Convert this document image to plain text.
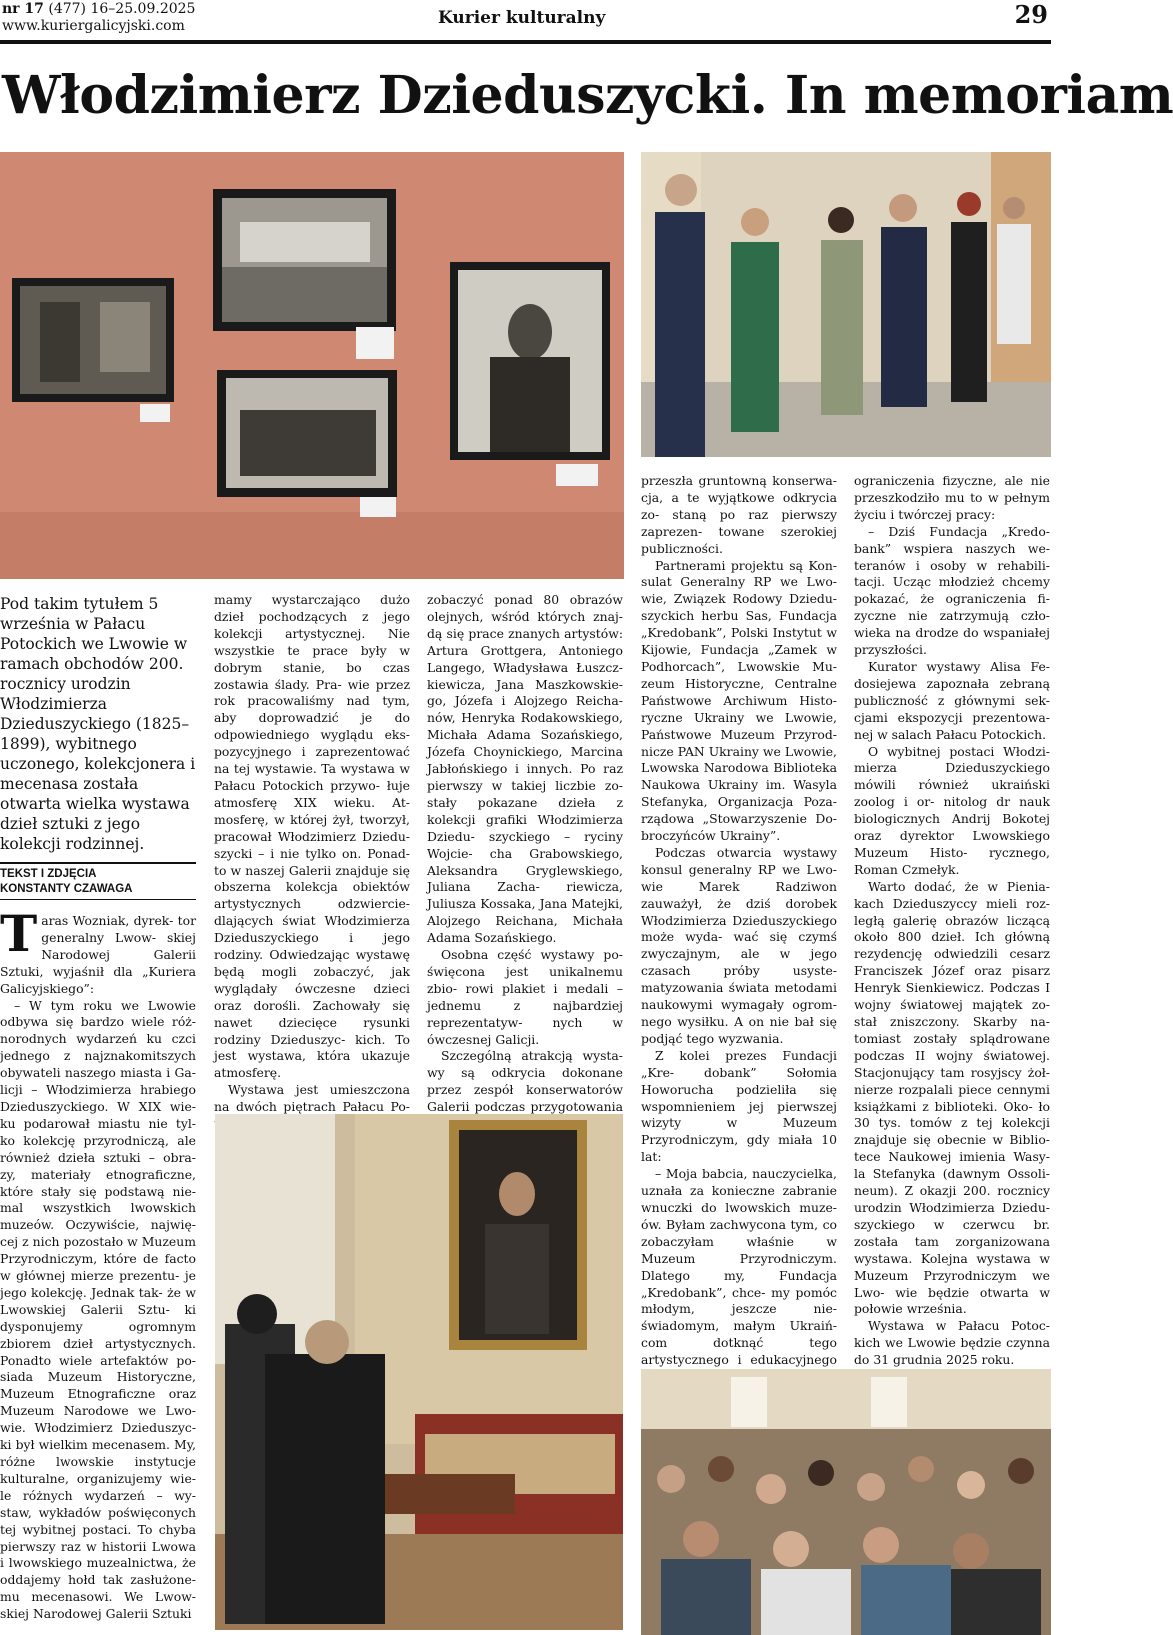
nr 17 (477) 16–25.09.2025
www.kuriergalicyjski.com	Kurier kulturalny	29
Włodzimierz Dzieduszycki. In memoriam
Pod takim tytułem 5 września w Pałacu Potockich we Lwowie w ramach obchodów 200. rocznicy urodzin Włodzimierza Dzieduszyckiego (1825–1899), wybitnego uczonego, kolekcjonera i mecenasa została otwarta wielka wystawa dzieł sztuki z jego kolekcji rodzinnej.
TEKST I ZDJĘCIA
KONSTANTY CZAWAGA

Taras Wozniak, dyrek- tor generalny Lwow- skiej Narodowej Galerii Sztuki, wyjaśnił dla „Kuriera Galicyjskiego”:

– W tym roku we Lwowie odbywa się bardzo wiele róż- norodnych wydarzeń ku czci jednego z najznakomitszych obywateli naszego miasta i Ga- licji – Włodzimierza hrabiego Dzieduszyckiego. W XIX wie- ku podarował miastu nie tyl- ko kolekcję przyrodniczą, ale również dzieła sztuki – obra- zy, materiały etnograficzne, które stały się podstawą nie- mal wszystkich lwowskich muzeów. Oczywiście, najwię- cej z nich pozostało w Muzeum Przyrodniczym, które de facto w głównej mierze prezentu- je jego kolekcję. Jednak tak- że w Lwowskiej Galerii Sztu- ki dysponujemy ogromnym zbiorem dzieł artystycznych. Ponadto wiele artefaktów po- siada Muzeum Historyczne, Muzeum Etnograficzne oraz Muzeum Narodowe we Lwo- wie. Włodzimierz Dzieduszyc- ki był wielkim mecenasem. My, różne lwowskie instytucje kulturalne, organizujemy wie- le różnych wydarzeń – wy- staw, wykładów poświęconych tej wybitnej postaci. To chyba pierwszy raz w historii Lwowa i lwowskiego muzealnictwa, że oddajemy hołd tak zasłużone- mu mecenasowi. We Lwow- skiej Narodowej Galerii Sztuki

mamy wystarczająco dużo dzieł pochodzących z jego kolekcji artystycznej. Nie wszystkie te prace były w dobrym stanie, bo czas zostawia ślady. Pra- wie przez rok pracowaliśmy nad tym, aby doprowadzić je do odpowiedniego wyglądu eks- pozycyjnego i zaprezentować na tej wystawie. Ta wystawa w Pałacu Potockich przywo- łuje atmosferę XIX wieku. At- mosferę, w której żył, tworzył, pracował Włodzimierz Dziedu- szycki – i nie tylko on. Ponad- to w naszej Galerii znajduje się obszerna kolekcja obiektów artystycznych odzwiercie- dlających świat Włodzimierza Dzieduszyckiego i jego rodziny. Odwiedzając wystawę będą mogli zobaczyć, jak wyglądały ówczesne dzieci oraz dorośli. Zachowały się nawet dziecięce rysunki rodziny Dzieduszyc- kich. To jest wystawa, która ukazuje atmosferę.

Wystawa jest umieszczona na dwóch piętrach Pałacu Po-

zobaczyć ponad 80 obrazów olejnych, wśród których znaj- dą się prace znanych artystów: Artura Grottgera, Antoniego Langego, Władysława Łuszcz- kiewicza, Jana Maszkowskie- go, Józefa i Alojzego Reicha- nów, Henryka Rodakowskiego, Michała Adama Sozańskiego, Józefa Choynickiego, Marcina Jabłońskiego i innych. Po raz pierwszy w takiej liczbie zo- stały pokazane dzieła z kolekcji grafiki Włodzimierza Dziedu- szyckiego – ryciny Wojcie- cha Grabowskiego, Aleksandra Gryglewskiego, Juliana Zacha- riewicza, Juliusza Kossaka, Jana Matejki, Alojzego Reichana, Michała Adama Sozańskiego.

Osobna część wystawy po- święcona jest unikalnemu zbio- rowi plakiet i medali – jednemu z najbardziej reprezentatyw- nych w ówczesnej Galicji.

Szczególną atrakcją wysta- wy są odkrycia dokonane przez zespół konserwatorów Galerii podczas przygotowania

przeszła gruntowną konserwa- cja, a te wyjątkowe odkrycia zo- staną po raz pierwszy zaprezen- towane szerokiej publiczności.

Partnerami projektu są Kon- sulat Generalny RP we Lwo- wie, Związek Rodowy Dziedu- szyckich herbu Sas, Fundacja „Kredobank”, Polski Instytut w Kijowie, Fundacja „Zamek w Podhorcach”, Lwowskie Mu- zeum Historyczne, Centralne Państwowe Archiwum Histo- ryczne Ukrainy we Lwowie, Państwowe Muzeum Przyrod- nicze PAN Ukrainy we Lwowie, Lwowska Narodowa Biblioteka Naukowa Ukrainy im. Wasyla Stefanyka, Organizacja Poza- rządowa „Stowarzyszenie Do- broczyńców Ukrainy”.

Podczas otwarcia wystawy konsul generalny RP we Lwo- wie Marek Radziwon zauważył, że dziś dorobek Włodzimierza Dzieduszyckiego może wyda- wać się czymś zwyczajnym, ale w jego czasach próby usyste- matyzowania świata metodami naukowymi wymagały ogrom- nego wysiłku. A on nie bał się podjąć tego wyzwania.

Z kolei prezes Fundacji „Kre- dobank” Sołomia Howorucha podzieliła się wspomnieniem jej pierwszej wizyty w Muzeum Przyrodniczym, gdy miała 10 lat:

– Moja babcia, nauczycielka, uznała za konieczne zabranie wnuczki do lwowskich muze- ów. Byłam zachwycona tym, co zobaczyłam właśnie w Muzeum Przyrodniczym. Dlatego my, Fundacja „Kredobank”, chce- my pomóc młodym, jeszcze nie- świadomym, małym Ukraiń- com dotknąć tego artystycznego i edukacyjnego

ograniczenia fizyczne, ale nie przeszkodziło mu to w pełnym życiu i twórczej pracy:

– Dziś Fundacja „Kredo- bank” wspiera naszych we- teranów i osoby w rehabili- tacji. Ucząc młodzież chcemy pokazać, że ograniczenia fi- zyczne nie zatrzymują czło- wieka na drodze do wspaniałej przyszłości.

Kurator wystawy Alisa Fe- dosiejewa zapoznała zebraną publiczność z głównymi sek- cjami ekspozycji prezentowa- nej w salach Pałacu Potockich.

O wybitnej postaci Włodzi- mierza Dzieduszyckiego mówili również ukraiński zoolog i or- nitolog dr nauk biologicznych Andrij Bokotej oraz dyrektor Lwowskiego Muzeum Histo- rycznego, Roman Czmełyk.

Warto dodać, że w Pienia- kach Dzieduszyccy mieli roz- ległą galerię obrazów liczącą około 800 dzieł. Ich główną rezydencję odwiedzili cesarz Franciszek Józef oraz pisarz Henryk Sienkiewicz. Podczas I wojny światowej majątek zo- stał zniszczony. Skarby na- tomiast zostały splądrowane podczas II wojny światowej. Stacjonujący tam rosyjscy żoł- nierze rozpalali piece cennymi książkami z biblioteki. Oko- ło 30 tys. tomów z tej kolekcji znajduje się obecnie w Biblio- tece Naukowej imienia Wasy- la Stefanyka (dawnym Ossoli- neum). Z okazji 200. rocznicy urodzin Włodzimierza Dziedu- szyckiego w czerwcu br. została tam zorganizowana wystawa. Kolejna wystawa w Muzeum Przyrodniczym we Lwo- wie będzie otwarta w połowie września.

Wystawa w Pałacu Potoc- kich we Lwowie będzie czynna do 31 grudnia 2025 roku.
